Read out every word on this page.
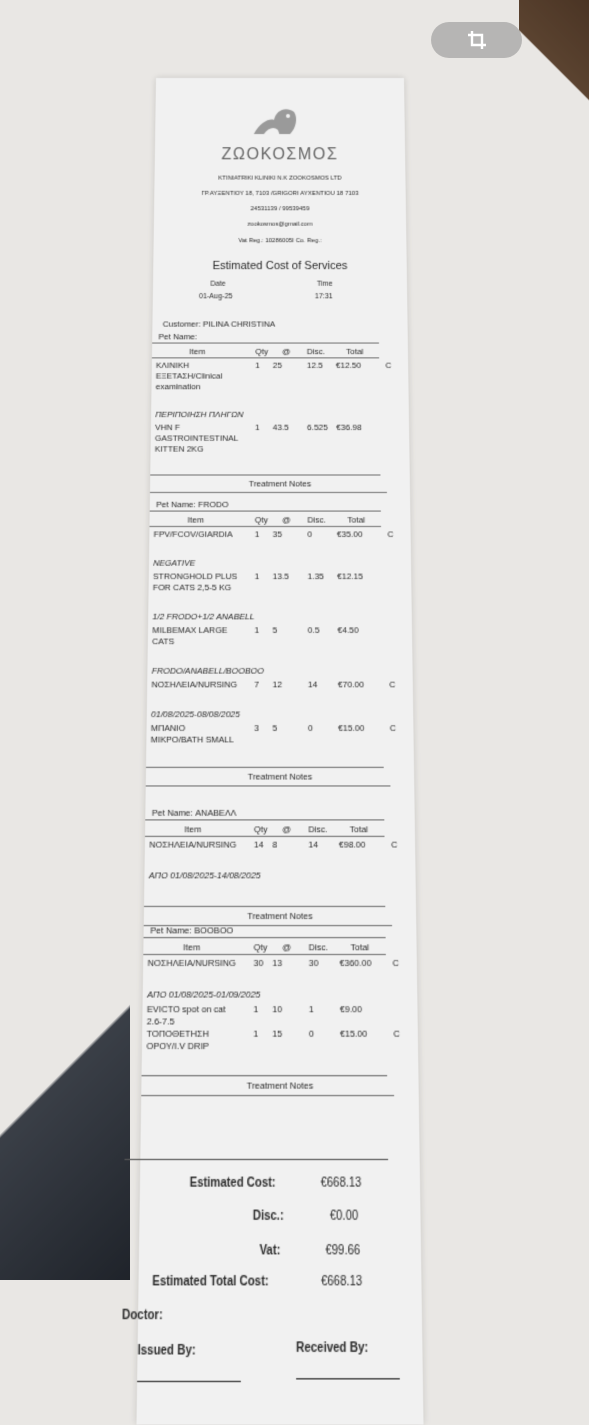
ΖΩΟΚΟΣΜΟΣ
KTINIATRIKI KLINIKI N.K ZOOKOSMOS LTD
ΓΡ.ΑΥΞΕΝΤΙΟΥ 18, 7103 /GRIGORI AYXENTIOU 18 7103
24531139 / 99539459
zookosmos@gmail.com
Vat Reg.: 10286005I Co. Reg.:
Estimated Cost of Services
Date	Time
01-Aug-25	17:31
Customer: PILINA CHRISTINA
Pet Name:
Item	Qty @ Disc.	Total
ΚΛΙΝΙΚΗ	1 25	12.5 €12.50	C
ΕΞΕΤΑΣΗ/Clinical
examination
ΠΕΡΙΠΟΙΗΣΗ ΠΛΗΓΩΝ
VHN F	1 43.5 6.525 €36.98
GASTROINTESTINAL
KITTEN 2KG
Treatment Notes
Pet Name: FRODO
Item	Qty @ Disc.	Total
FPV/FCOV/GIARDIA	1 35	0	€35.00	C
NEGATIVE
STRONGHOLD PLUS 1 13.5 1.35 €12.15
FOR CATS 2,5-5 KG
1/2 FRODO+1/2 ANABELL
MILBEMAX LARGE	1 5	0.5 €4.50
CATS
FRODO/ANABELL/BOOBOO
ΝΟΣΗΛΕΙΑ/NURSING 7 12	14	€70.00	C
01/08/2025-08/08/2025
ΜΠΑΝΙΟ	3 5	0	€15.00	C
ΜΙΚΡΟ/BATH SMALL
Treatment Notes
Pet Name: ΑΝΑΒΕΛΛ
Item	Qty @ Disc.	Total
ΝΟΣΗΛΕΙΑ/NURSING 14 8	14	€98.00	C
ΑΠΟ 01/08/2025-14/08/2025
Treatment Notes
Pet Name: BOOBOO
Item	Qty @ Disc.	Total
ΝΟΣΗΛΕΙΑ/NURSING 30 13	30	€360.00	C
ΑΠΟ 01/08/2025-01/09/2025
EVICTO spot on cat	1 10	1	€9.00
2.6-7.5
ΤΟΠΟΘΕΤΗΣΗ	1 15	0	€15.00	C
ΟΡΟΥ/I.V DRIP
Treatment Notes
Estimated Cost:	€668.13
Disc.:	€0.00
Vat:	€99.66
Estimated Total Cost:	€668.13
Doctor:
Issued By:	Received By:
